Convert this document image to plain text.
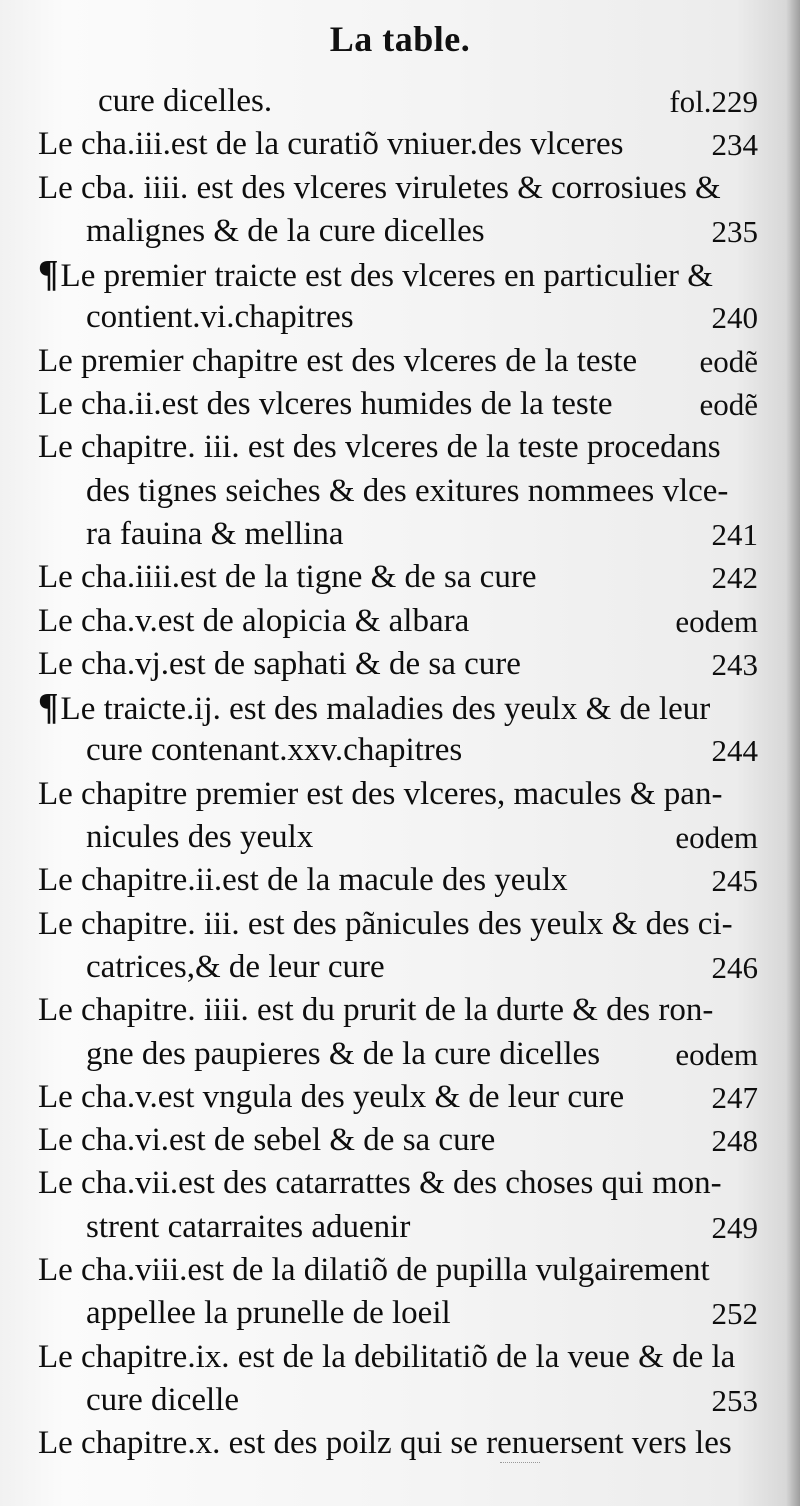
La table.
cure dicelles.	fol.229
Le cha.iii.est de la curatiõ vniuer.des vlceres	234
Le cba. iiii. est des vlceres viruletes & corrosiues &
malignes & de la cure dicelles	235
¶Le premier traicte est des vlceres en particulier &
contient.vi.chapitres	240
Le premier chapitre est des vlceres de la teste eodẽ
Le cha.ii.est des vlceres humides de la teste	eodẽ
Le chapitre. iii. est des vlceres de la teste procedans
des tignes seiches & des exitures nommees vlce-
ra fauina & mellina	241
Le cha.iiii.est de la tigne & de sa cure	242
Le cha.v.est de alopicia & albara	eodem
Le cha.vj.est de saphati & de sa cure	243
¶Le traicte.ij. est des maladies des yeulx & de leur
cure contenant.xxv.chapitres	244
Le chapitre premier est des vlceres, macules & pan-
nicules des yeulx	eodem
Le chapitre.ii.est de la macule des yeulx	245
Le chapitre. iii. est des pãnicules des yeulx & des ci-
catrices,& de leur cure	246
Le chapitre. iiii. est du prurit de la durte & des ron-
gne des paupieres & de la cure dicelles eodem
Le cha.v.est vngula des yeulx & de leur cure	247
Le cha.vi.est de sebel & de sa cure	248
Le cha.vii.est des catarrattes & des choses qui mon-
strent catarraites aduenir	249
Le cha.viii.est de la dilatiõ de pupilla vulgairement
appellee la prunelle de loeil	252
Le chapitre.ix. est de la debilitatiõ de la veue & de la
cure dicelle	253
Le chapitre.x. est des poilz qui se renuersent vers les
